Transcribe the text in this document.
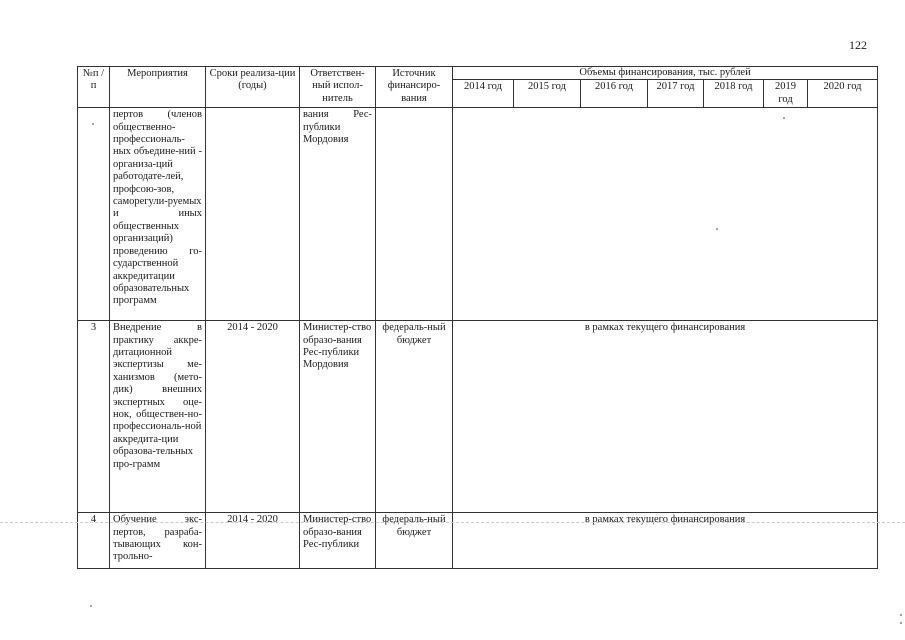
122
№п /п	Мероприятия	Сроки реализа-ции (годы)	Ответствен-ный испол-нитель	Источник финансиро-вания	Объемы финансирования, тыс. рублей						
					2014 год	2015 год	2016 год	2017 год	2018 год	2019 год	2020 год
	пертов (членов общественно-профессиональ-ных объедине-ний - организа-ций работодате-лей, профсою-зов, саморегули-руемых и иных общественных организаций) проведению го-сударственной аккредитации образовательных программ		вания Рес-публики Мордовия								
3	Внедрение в практику аккре-дитационной экспертизы ме-ханизмов (мето-дик) внешних экспертных оце-нок, обществен-но-профессиональ-ной аккредита-ции образова-тельных про-грамм	2014 - 2020	Министер-ство образо-вания Рес-публики Мордовия	федераль-ный бюджет	в рамках текущего финансирования						
4	Обучение экс-пертов, разраба-тывающих кон-трольно-	2014 - 2020	Министер-ство образо-вания Рес-публики	федераль-ный бюджет	в рамках текущего финансирования						
